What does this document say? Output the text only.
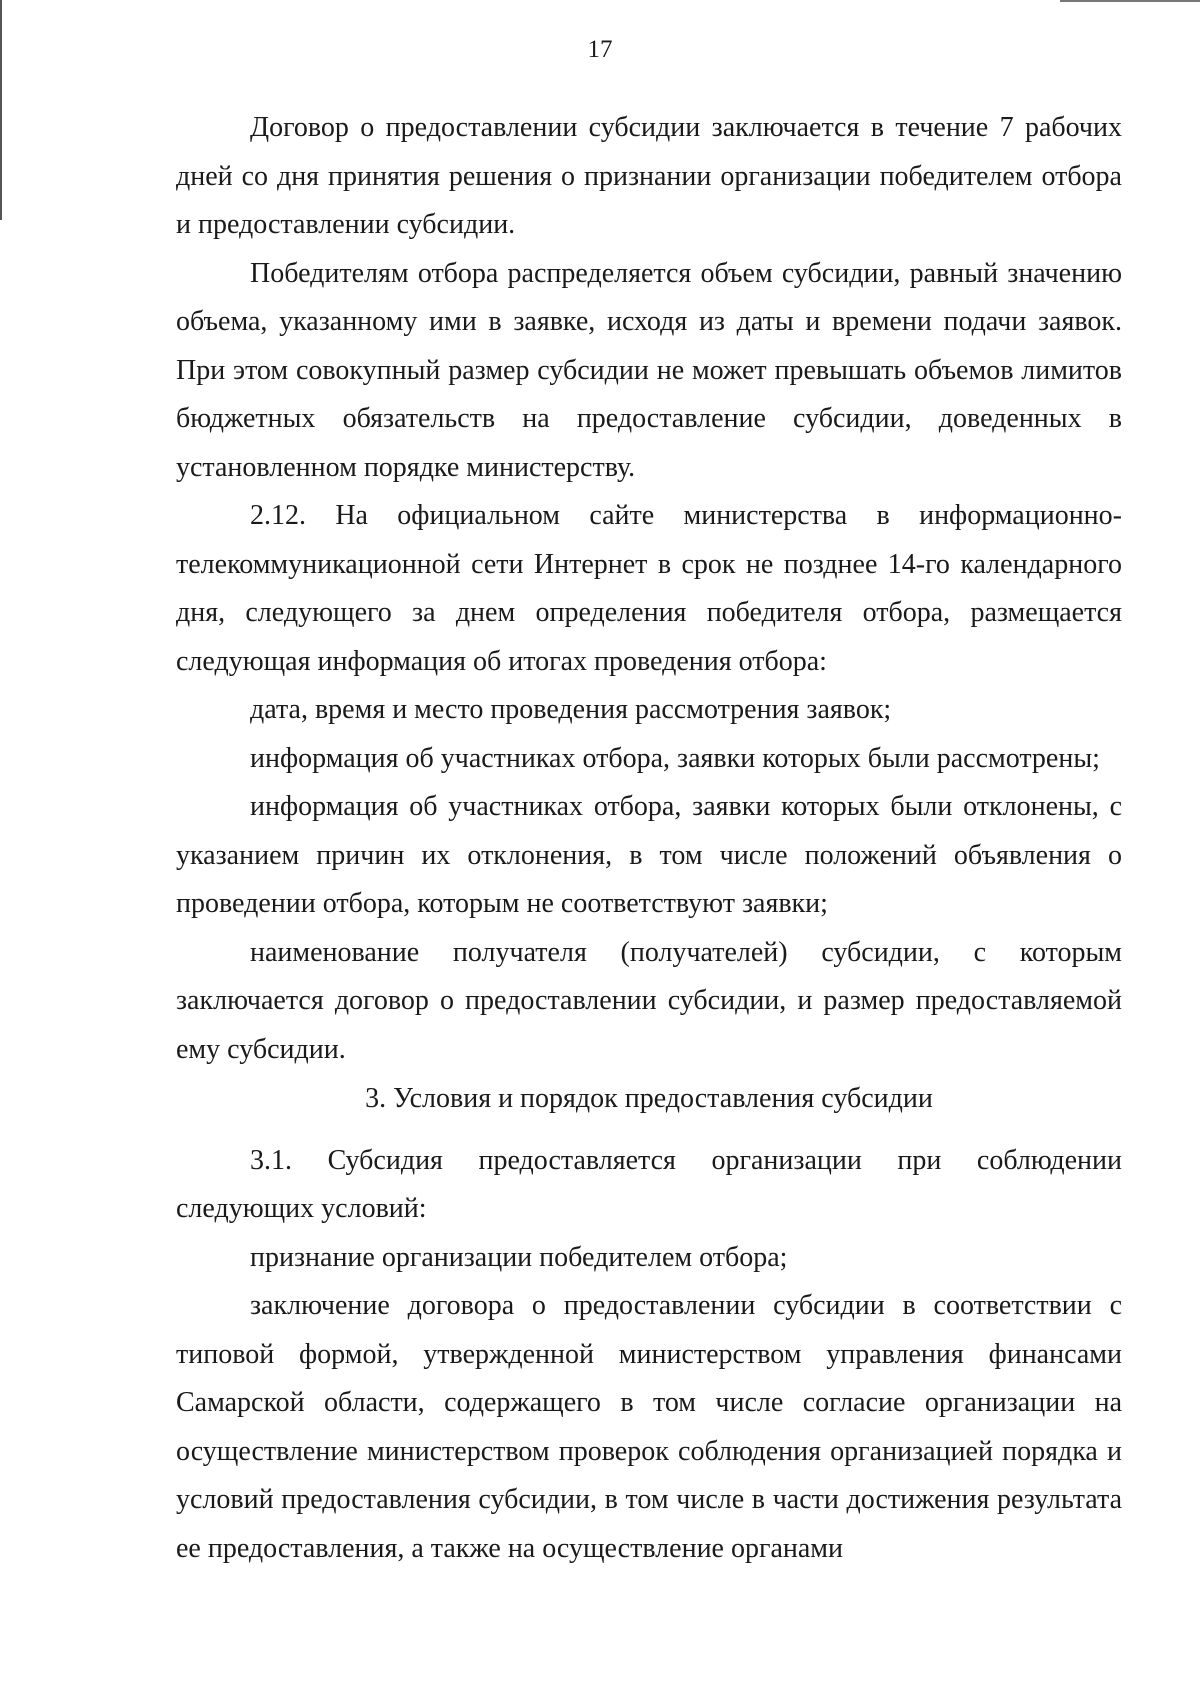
17

Договор о предоставлении субсидии заключается в течение 7 рабочих дней со дня принятия решения о признании организации победителем отбора и предоставлении субсидии.

Победителям отбора распределяется объем субсидии, равный значению объема, указанному ими в заявке, исходя из даты и времени подачи заявок. При этом совокупный размер субсидии не может превышать объемов лимитов бюджетных обязательств на предоставление субсидии, доведенных в установленном порядке министерству.

2.12. На официальном сайте министерства в информационно-телекоммуникационной сети Интернет в срок не позднее 14-го календарного дня, следующего за днем определения победителя отбора, размещается следующая информация об итогах проведения отбора:

дата, время и место проведения рассмотрения заявок;

информация об участниках отбора, заявки которых были рассмотрены;

информация об участниках отбора, заявки которых были отклонены, с указанием причин их отклонения, в том числе положений объявления о проведении отбора, которым не соответствуют заявки;

наименование получателя (получателей) субсидии, с которым заключается договор о предоставлении субсидии, и размер предоставляемой ему субсидии.

3. Условия и порядок предоставления субсидии

3.1. Субсидия предоставляется организации при соблюдении следующих условий:

признание организации победителем отбора;

заключение договора о предоставлении субсидии в соответствии с типовой формой, утвержденной министерством управления финансами Самарской области, содержащего в том числе согласие организации на осуществление министерством проверок соблюдения организацией порядка и условий предоставления субсидии, в том числе в части достижения результата ее предоставления, а также на осуществление органами
